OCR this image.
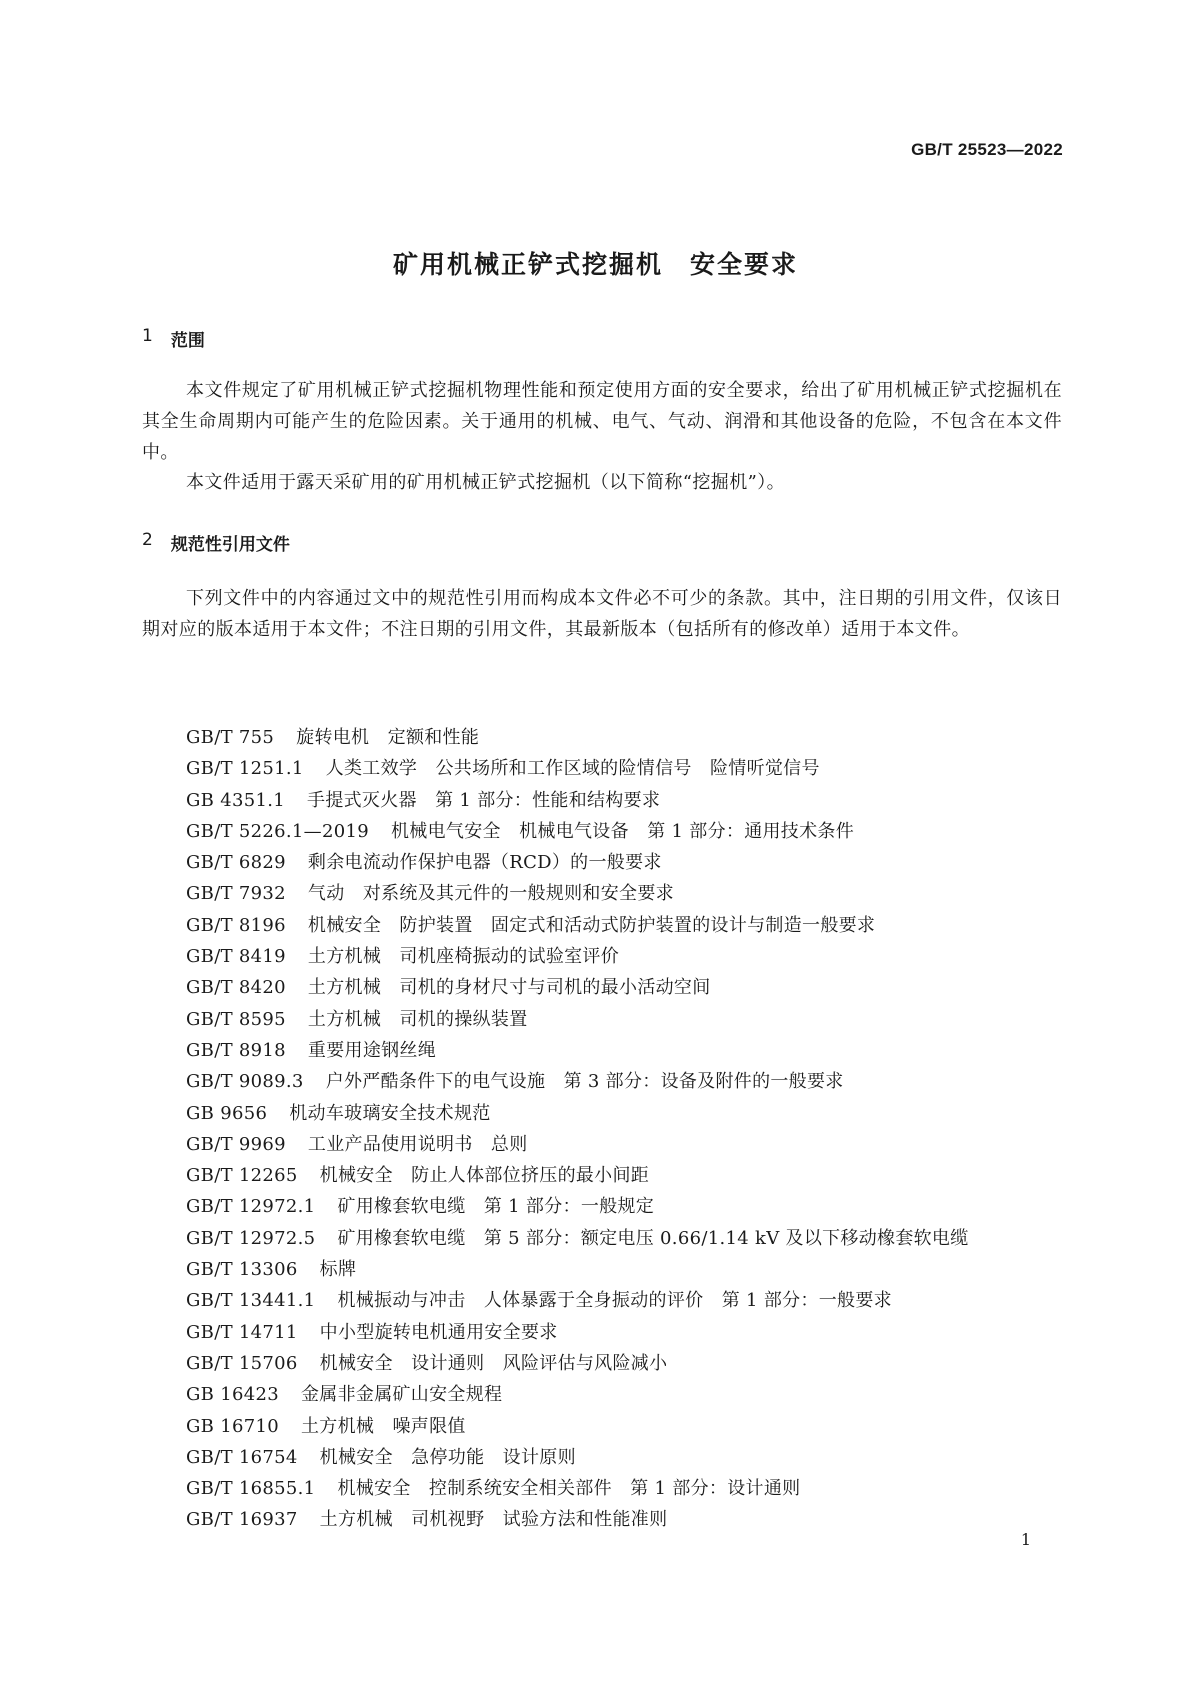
GB/T 25523—2022
矿用机械正铲式挖掘机　安全要求
1 范围

本文件规定了矿用机械正铲式挖掘机物理性能和预定使用方面的安全要求，给出了矿用机械正铲式挖掘机在其全生命周期内可能产生的危险因素。关于通用的机械、电气、气动、润滑和其他设备的危险，不包含在本文件中。

本文件适用于露天采矿用的矿用机械正铲式挖掘机（以下简称“挖掘机”）。

2 规范性引用文件

下列文件中的内容通过文中的规范性引用而构成本文件必不可少的条款。其中，注日期的引用文件，仅该日期对应的版本适用于本文件；不注日期的引用文件，其最新版本（包括所有的修改单）适用于本文件。

GB/T 755 旋转电机　定额和性能
GB/T 1251.1 人类工效学　公共场所和工作区域的险情信号　险情听觉信号
GB 4351.1 手提式灭火器　第 1 部分：性能和结构要求
GB/T 5226.1—2019 机械电气安全　机械电气设备　第 1 部分：通用技术条件
GB/T 6829 剩余电流动作保护电器（RCD）的一般要求
GB/T 7932 气动　对系统及其元件的一般规则和安全要求
GB/T 8196 机械安全　防护装置　固定式和活动式防护装置的设计与制造一般要求
GB/T 8419 土方机械　司机座椅振动的试验室评价
GB/T 8420 土方机械　司机的身材尺寸与司机的最小活动空间
GB/T 8595 土方机械　司机的操纵装置
GB/T 8918 重要用途钢丝绳
GB/T 9089.3 户外严酷条件下的电气设施　第 3 部分：设备及附件的一般要求
GB 9656 机动车玻璃安全技术规范
GB/T 9969 工业产品使用说明书　总则
GB/T 12265 机械安全　防止人体部位挤压的最小间距
GB/T 12972.1 矿用橡套软电缆　第 1 部分：一般规定
GB/T 12972.5 矿用橡套软电缆　第 5 部分：额定电压 0.66/1.14 kV 及以下移动橡套软电缆
GB/T 13306 标牌
GB/T 13441.1 机械振动与冲击　人体暴露于全身振动的评价　第 1 部分：一般要求
GB/T 14711 中小型旋转电机通用安全要求
GB/T 15706 机械安全　设计通则　风险评估与风险减小
GB 16423 金属非金属矿山安全规程
GB 16710 土方机械　噪声限值
GB/T 16754 机械安全　急停功能　设计原则
GB/T 16855.1 机械安全　控制系统安全相关部件　第 1 部分：设计通则
GB/T 16937 土方机械　司机视野　试验方法和性能准则
1
